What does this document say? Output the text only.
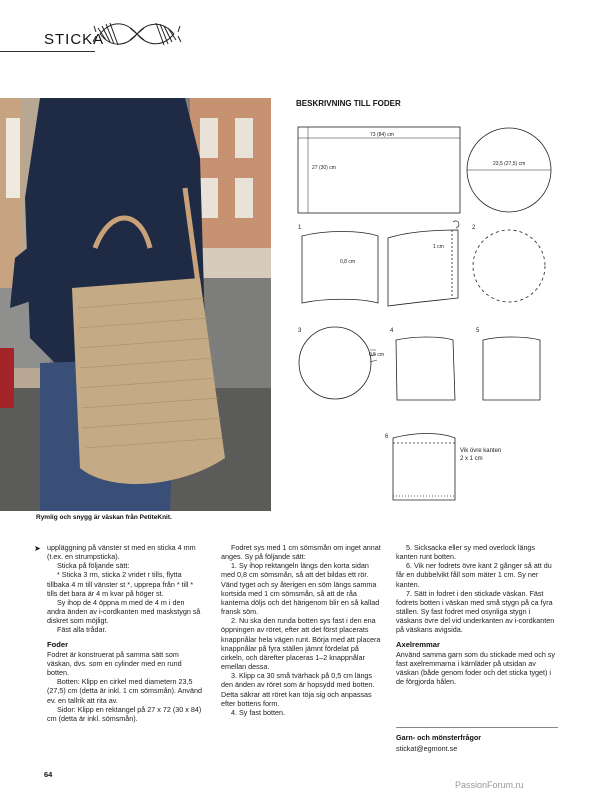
STICKA
Rymlig och snygg är väskan från PetiteKnit.
BESKRIVNING TILL FODER
73 (84) cm
27 (30) cm
23,5 (27,5) cm
1
0,8 cm
1 cm
2
3
0,5 cm
4	5
6
Vik övre kanten
2 x 1 cm
➤ uppläggning på vänster st med en sticka 4 mm (t.ex. en strumpsticka).

Sticka på följande sätt:

* Sticka 3 rm, sticka 2 vridet r tills, flytta tillbaka 4 m till vänster st *, upprepa från * till * tills det bara är 4 m kvar på höger st.

Sy ihop de 4 öppna m med de 4 m i den andra änden av i-cordkanten med maskstygn så diskret som möjligt.

Fäst alla trådar.

Foder

Fodret är konstruerat på samma sätt som väskan, dvs. som en cylinder med en rund botten.

Botten: Klipp en cirkel med diametern 23,5 (27,5) cm (detta är inkl. 1 cm sömsmån). Använd ev. en tallrik att rita av.

Sidor: Klipp en rektangel på 27 x 72 (30 x 84) cm (detta är inkl. sömsmån).

Fodret sys med 1 cm sömsmån om inget annat anges. Sy på följande sätt:

1. Sy ihop rektangeln längs den korta sidan med 0,8 cm sömsmån, så att det bildas ett rör. Vänd tyget och sy återigen en söm längs samma kortsida med 1 cm sömsmån, så att de råa kanterna döljs och det härigenom blir en så kallad fransk söm.

2. Nu ska den runda botten sys fast i den ena öppningen av röret, efter att det först placerats knappnålar hela vägen runt. Börja med att placera knappnålar på fyra ställen jämnt fördelat på cirkeln, och därefter placeras 1–2 knappnålar emellan dessa.

3. Klipp ca 30 små tvärhack på 0,5 cm längs den änden av röret som är hopsydd med botten. Detta säkrar att röret kan töja sig och anpassas efter bottens form.

4. Sy fast botten.

5. Sicksacka eller sy med overlock längs kanten runt botten.

6. Vik ner fodrets övre kant 2 gånger så att du får en dubbelvikt fåll som mäter 1 cm. Sy ner kanten.

7. Sätt in fodret i den stickade väskan. Fäst fodrets botten i väskan med små stygn på ca fyra ställen. Sy fast fodret med osynliga stygn i väskans övre del vid underkanten av i-cordkanten på väskans avigsida.

Axelremmar

Använd samma garn som du stickade med och sy fast axelremmarna i kärnläder på utsidan av väskan (både genom foder och det sticka tyget) i de förgjorda hålen.

Garn- och mönsterfrågor
stickat@egmont.se
64
PassionForum.ru
